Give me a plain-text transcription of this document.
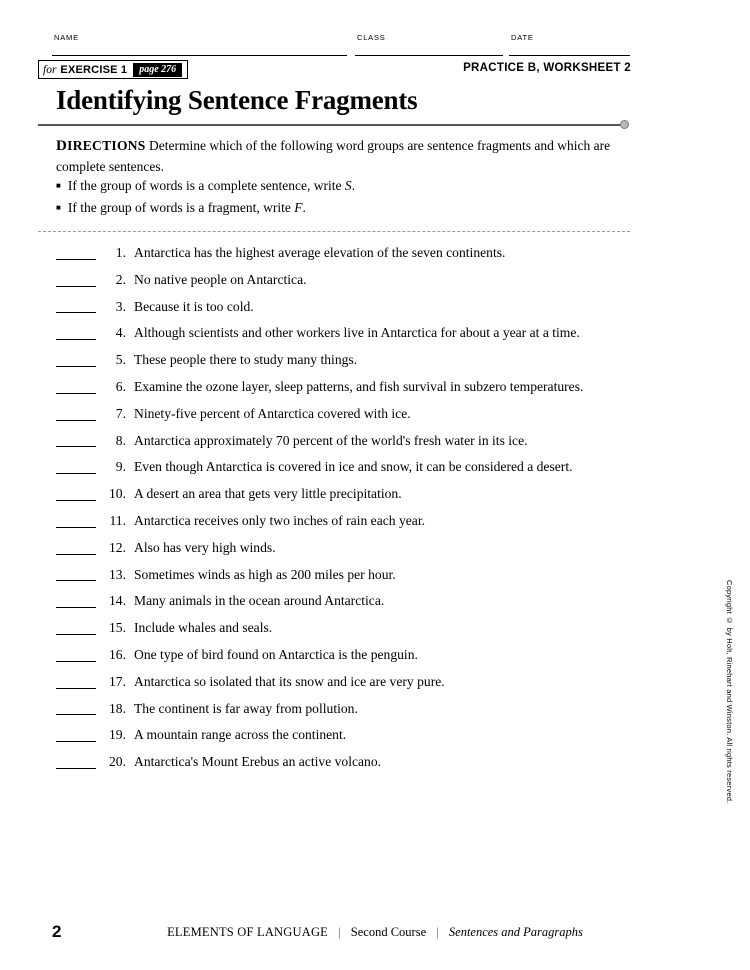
NAME	CLASS	DATE
for EXERCISE 1	page 276	PRACTICE B, WORKSHEET 2
Identifying Sentence Fragments
DIRECTIONS Determine which of the following word groups are sentence fragments and which are complete sentences.
■ If the group of words is a complete sentence, write S.
■ If the group of words is a fragment, write F.
1. Antarctica has the highest average elevation of the seven continents.
2. No native people on Antarctica.
3. Because it is too cold.
4. Although scientists and other workers live in Antarctica for about a year at a time.
5. These people there to study many things.
6. Examine the ozone layer, sleep patterns, and fish survival in subzero temperatures.
7. Ninety-five percent of Antarctica covered with ice.
8. Antarctica approximately 70 percent of the world's fresh water in its ice.
9. Even though Antarctica is covered in ice and snow, it can be considered a desert.
10. A desert an area that gets very little precipitation.
11. Antarctica receives only two inches of rain each year.
12. Also has very high winds.
13. Sometimes winds as high as 200 miles per hour.
14. Many animals in the ocean around Antarctica.
15. Include whales and seals.
16. One type of bird found on Antarctica is the penguin.
17. Antarctica so isolated that its snow and ice are very pure.
18. The continent is far away from pollution.
19. A mountain range across the continent.
20. Antarctica's Mount Erebus an active volcano.	Copyright © by Holt, Rinehart and Winston. All rights reserved.
2	ELEMENTS OF LANGUAGE | Second Course | Sentences and Paragraphs
